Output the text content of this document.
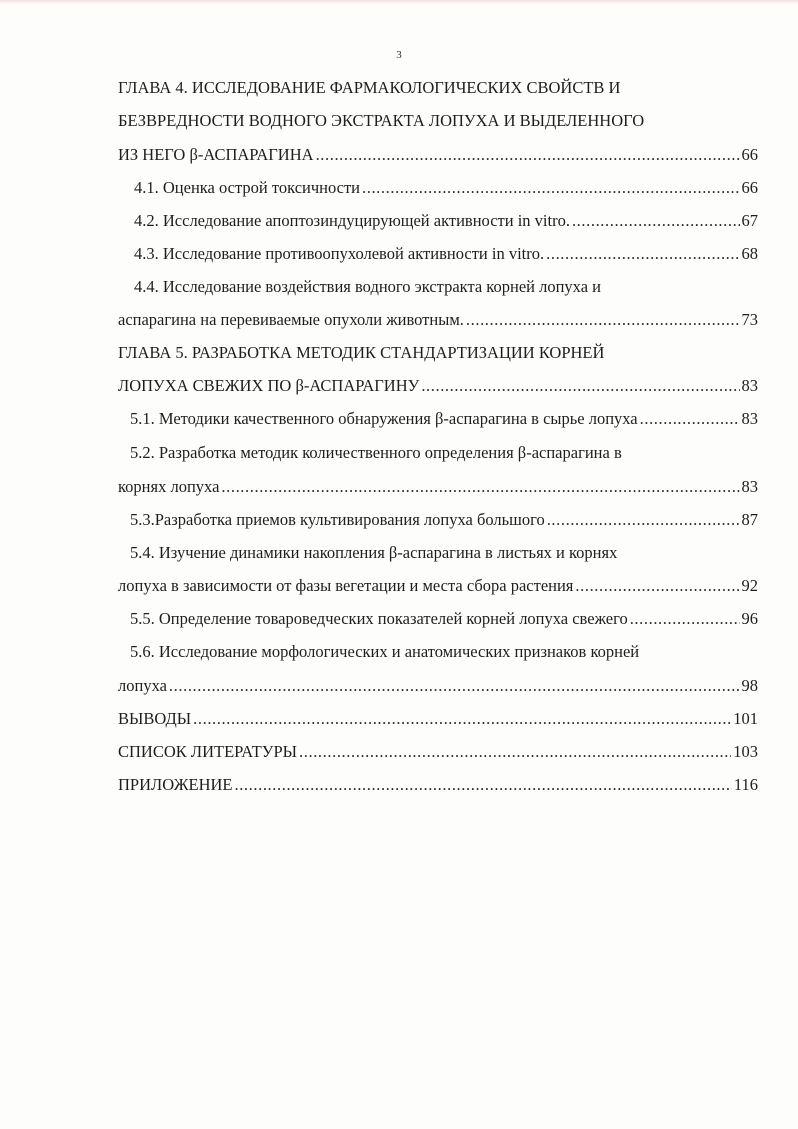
3
ГЛАВА 4. ИССЛЕДОВАНИЕ ФАРМАКОЛОГИЧЕСКИХ СВОЙСТВ И
БЕЗВРЕДНОСТИ ВОДНОГО ЭКСТРАКТА ЛОПУХА И ВЫДЕЛЕННОГО
ИЗ НЕГО β-АСПАРАГИНА .....	66
4.1. Оценка острой токсичности .....	66
4.2. Исследование апоптозиндуцирующей активности in vitro. .....	67
4.3. Исследование противоопухолевой активности in vitro. .....	68
4.4. Исследование воздействия водного экстракта корней лопуха и
аспарагина на перевиваемые опухоли животным. .....	73
ГЛАВА 5. РАЗРАБОТКА МЕТОДИК СТАНДАРТИЗАЦИИ КОРНЕЙ
ЛОПУХА СВЕЖИХ ПО β-АСПАРАГИНУ .....	83
5.1. Методики качественного обнаружения β-аспарагина в сырье лопуха .....	83
5.2. Разработка методик количественного определения β-аспарагина в
корнях лопуха .....	83
5.3.Разработка приемов культивирования лопуха большого .....	87
5.4. Изучение динамики накопления β-аспарагина в листьях и корнях
лопуха в зависимости от фазы вегетации и места сбора растения .....	92
5.5. Определение товароведческих показателей корней лопуха свежего .....	96
5.6. Исследование морфологических и анатомических признаков корней
лопуха .....	98
ВЫВОДЫ .....	101
СПИСОК ЛИТЕРАТУРЫ .....	103
ПРИЛОЖЕНИЕ .....	116
